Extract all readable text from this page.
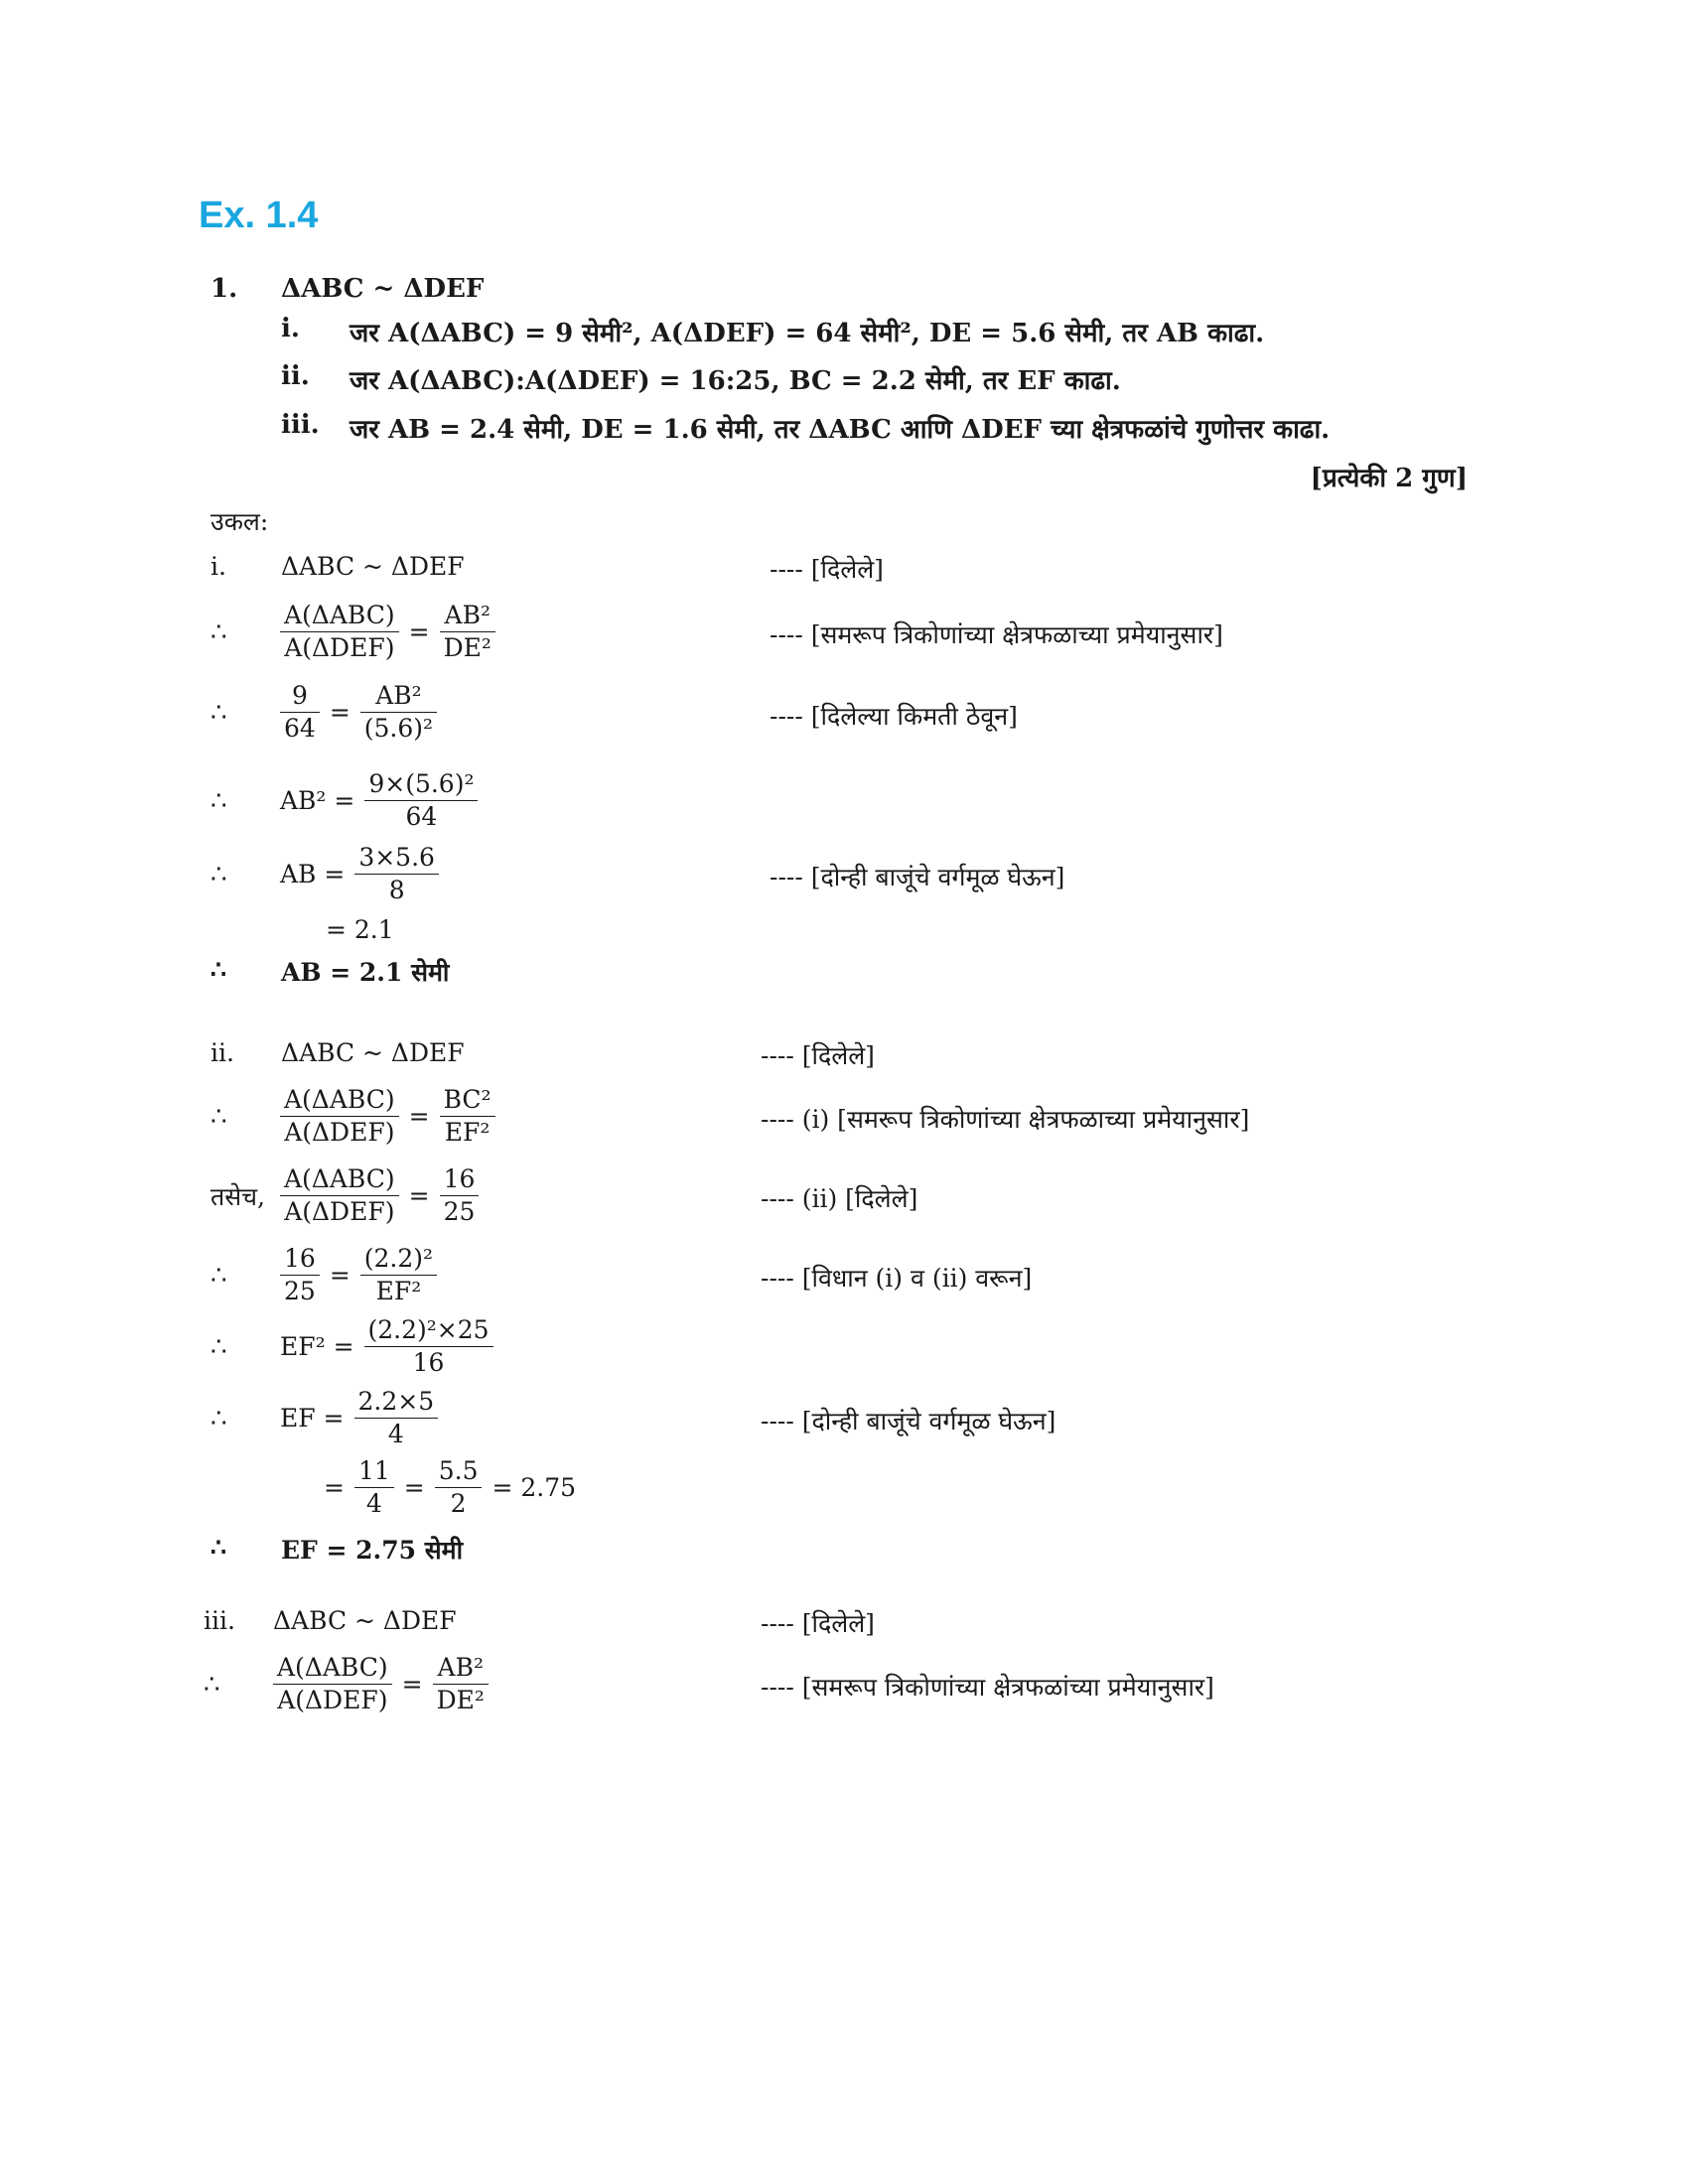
Ex. 1.4
1. ΔABC ~ ΔDEF
i. जर A(ΔABC) = 9 सेमी², A(ΔDEF) = 64 सेमी², DE = 5.6 सेमी, तर AB काढा.
ii. जर A(ΔABC):A(ΔDEF) = 16:25, BC = 2.2 सेमी, तर EF काढा.
iii. जर AB = 2.4 सेमी, DE = 1.6 सेमी, तर ΔABC आणि ΔDEF च्या क्षेत्रफळांचे गुणोत्तर काढा.
[प्रत्येकी 2 गुण]
उकल:
i. ΔABC ~ ΔDEF	---- [दिलेले]
∴	$\frac{\text{A(ΔABC)}}{\text{A(ΔDEF)}} = \frac{\text{AB²}}{\text{DE²}}$	---- [समरूप त्रिकोणांच्या क्षेत्रफळाच्या प्रमेयानुसार]
∴	$\frac{9}{64} = \frac{\text{AB²}}{\text{(5.6)²}}$	---- [दिलेल्या किमती ठेवून]
∴	$AB^2 = \frac{\text{9×(5.6)²}}{64}$
∴	AB = $\frac{3\times 5.6}{8}$	---- [दोन्ही बाजूंचे वर्गमूळ घेऊन]
= 2.1
∴ AB = 2.1 सेमी
ii. ΔABC ~ ΔDEF	---- [दिलेले]
∴	$\frac{\text{A(ΔABC)}}{\text{A(ΔDEF)}} = \frac{\text{BC²}}{\text{EF²}}$	---- (i) [समरूप त्रिकोणांच्या क्षेत्रफळाच्या प्रमेयानुसार]
तसेच, $\frac{\text{A(ΔABC)}}{\text{A(ΔDEF)}} = \frac{16}{25}$	---- (ii) [दिलेले]
∴	$\frac{16}{25} = \frac{\text{(2.2)²}}{\text{EF²}}$	---- [विधान (i) व (ii) वरून]
∴	$EF^2 = \frac{\text{(2.2)²×25}}{16}$
∴	EF = $\frac{2.2\times 5}{4}$	---- [दोन्ही बाजूंचे वर्गमूळ घेऊन]
= $\frac{11}{4} = \frac{5.5}{2} = 2.75$
∴ EF = 2.75 सेमी
iii. ΔABC ~ ΔDEF	---- [दिलेले]
∴	$\frac{\text{A(ΔABC)}}{\text{A(ΔDEF)}} = \frac{\text{AB²}}{\text{DE²}}$	---- [समरूप त्रिकोणांच्या क्षेत्रफळांच्या प्रमेयानुसार]
